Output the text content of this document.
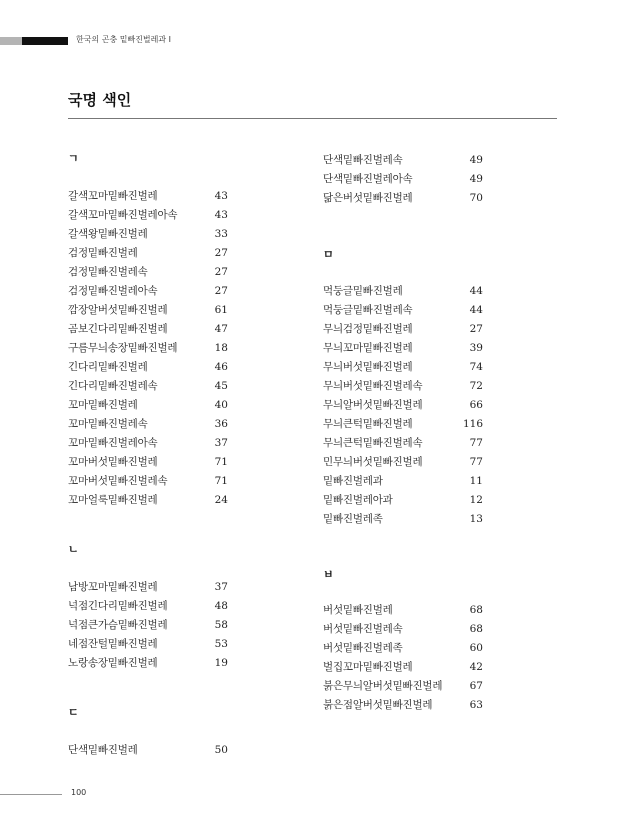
한국의 곤충 밑빠진벌레과 I
국명 색인
ㄱ
갈색꼬마밑빠진벌레	43
갈색꼬마밑빠진벌레아속	43
갈색왕밑빠진벌레	33
검정밑빠진벌레	27
검정밑빠진벌레속	27
검정밑빠진벌레아속	27
깜장알버섯밑빠진벌레	61
곰보긴다리밑빠진벌레	47
구름무늬송장밑빠진벌레	18
긴다리밑빠진벌레	46
긴다리밑빠진벌레속	45
꼬마밑빠진벌레	40
꼬마밑빠진벌레속	36
꼬마밑빠진벌레아속	37
꼬마버섯밑빠진벌레	71
꼬마버섯밑빠진벌레속	71
꼬마얼룩밑빠진벌레	24
ㄴ
남방꼬마밑빠진벌레	37
넉점긴다리밑빠진벌레	48
넉점큰가슴밑빠진벌레	58
네점잔털밑빠진벌레	53
노랑송장밑빠진벌레	19
ㄷ
단색밑빠진벌레	50
단색밑빠진벌레속	49
단색밑빠진벌레아속	49
닮은버섯밑빠진벌레	70
ㅁ
먹둥글밑빠진벌레	44
먹둥글밑빠진벌레속	44
무늬검정밑빠진벌레	27
무늬꼬마밑빠진벌레	39
무늬버섯밑빠진벌레	74
무늬버섯밑빠진벌레속	72
무늬알버섯밑빠진벌레	66
무늬큰턱밑빠진벌레	116
무늬큰턱밑빠진벌레속	77
민무늬버섯밑빠진벌레	77
밑빠진벌레과	11
밑빠진벌레아과	12
밑빠진벌레족	13
ㅂ
버섯밑빠진벌레	68
버섯밑빠진벌레속	68
버섯밑빠진벌레족	60
벌집꼬마밑빠진벌레	42
붉은무늬알버섯밑빠진벌레	67
붉은점알버섯밑빠진벌레	63
100
